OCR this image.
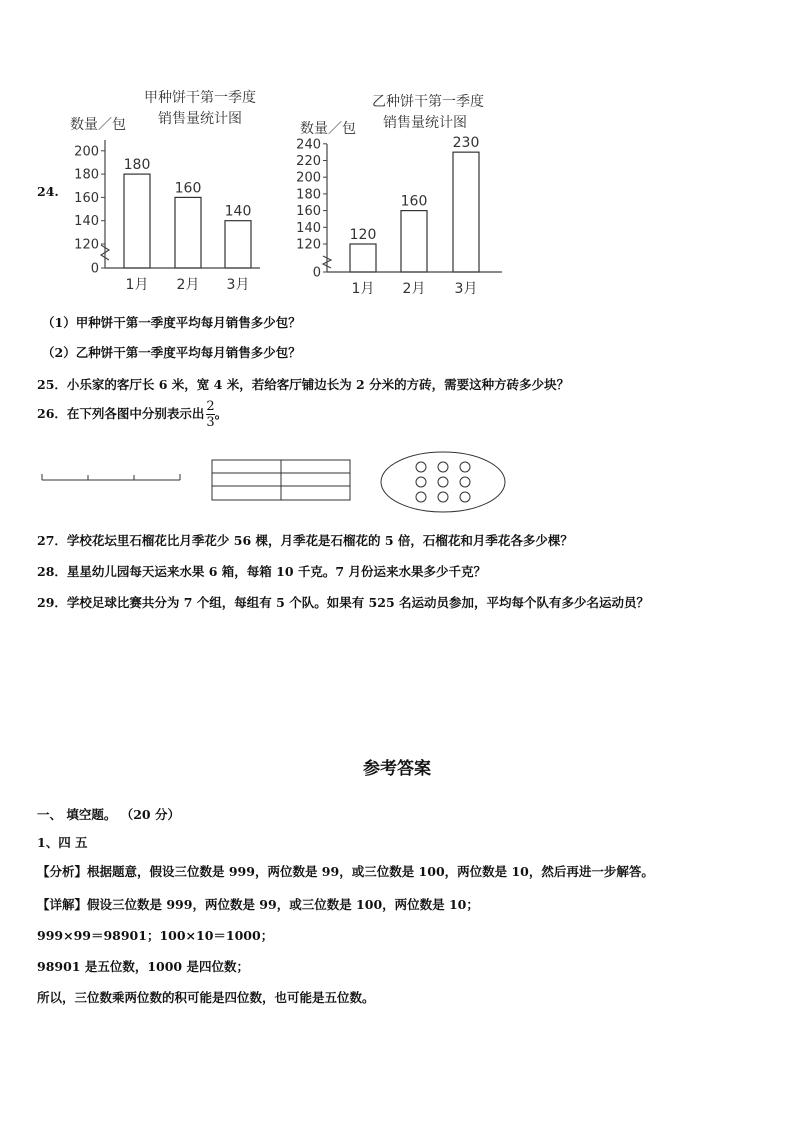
24.
甲种饼干第一季度
销售量统计图
数量／包
200
180
160
140
120
0
180
160
140
1月 2月 3月
乙种饼干第一季度
销售量统计图
数量／包
240
220
200
180
160
140
120
0
120
160
230
1月 2月 3月
（1）甲种饼干第一季度平均每月销售多少包？
（2）乙种饼干第一季度平均每月销售多少包？
25．小乐家的客厅长 6 米，宽 4 米，若给客厅铺边长为 2 分米的方砖，需要这种方砖多少块？
26．在下列各图中分别表示出 $\frac{2}{3}$ 。
27．学校花坛里石榴花比月季花少 56 棵，月季花是石榴花的 5 倍，石榴花和月季花各多少棵？
28．星星幼儿园每天运来水果 6 箱，每箱 10 千克。7 月份运来水果多少千克？
29．学校足球比赛共分为 7 个组，每组有 5 个队。如果有 525 名运动员参加，平均每个队有多少名运动员？
参考答案
一、 填空题。 （20 分）
1、四 五
【分析】根据题意，假设三位数是 999，两位数是 99，或三位数是 100，两位数是 10，然后再进一步解答。
【详解】假设三位数是 999，两位数是 99，或三位数是 100，两位数是 10；
999×99＝98901；100×10＝1000；
98901 是五位数，1000 是四位数；
所以，三位数乘两位数的积可能是四位数，也可能是五位数。
